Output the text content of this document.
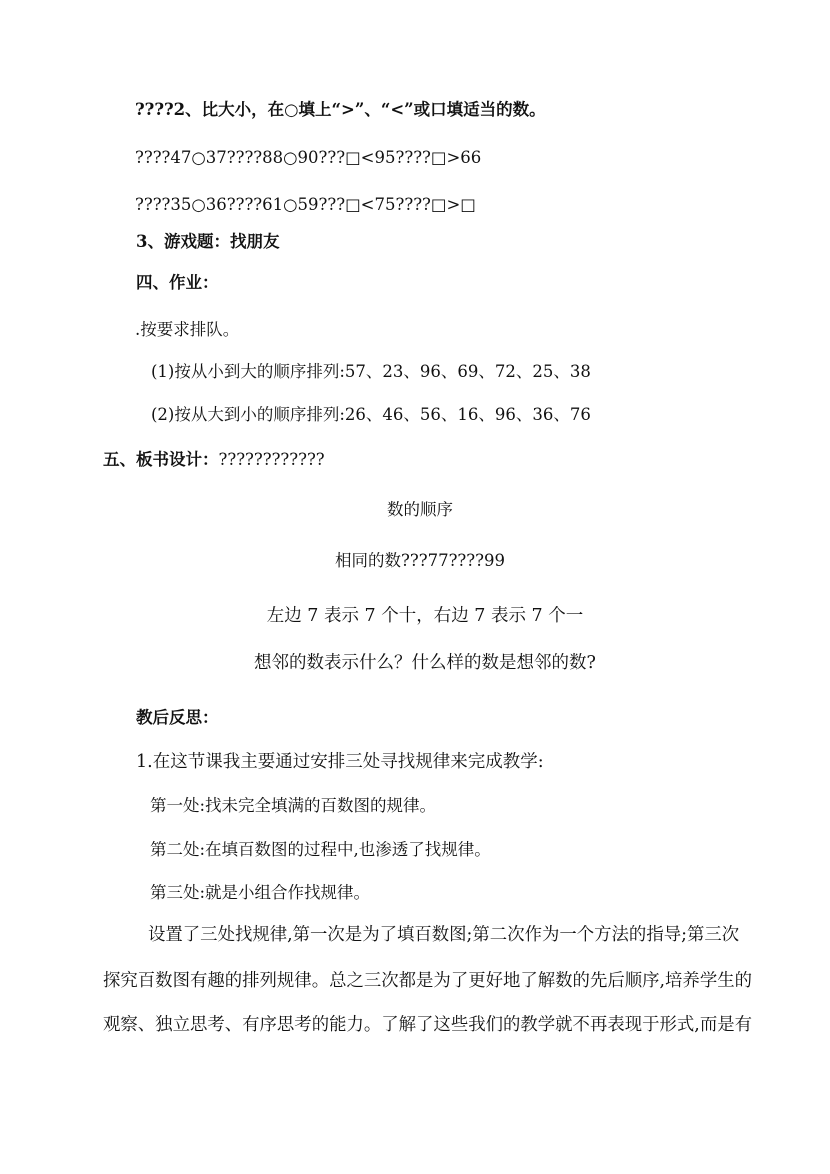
????2、比大小，在○填上“>”、“<”或口填适当的数。
????47○37????88○90???□<95????□>66
????35○36????61○59???□<75????□>□
3、游戏题：找朋友
四、作业：
.按要求排队。
(1)按从小到大的顺序排列:57、23、96、69、72、25、38
(2)按从大到小的顺序排列:26、46、56、16、96、36、76
五、板书设计：????????????
数的顺序
相同的数???77????99
左边 7 表示 7 个十，右边 7 表示 7 个一
想邻的数表示什么？什么样的数是想邻的数?
教后反思：
1.在这节课我主要通过安排三处寻找规律来完成教学:
第一处:找未完全填满的百数图的规律。
第二处:在填百数图的过程中,也渗透了找规律。
第三处:就是小组合作找规律。
设置了三处找规律,第一次是为了填百数图;第二次作为一个方法的指导;第三次
探究百数图有趣的排列规律。总之三次都是为了更好地了解数的先后顺序,培养学生的
观察、独立思考、有序思考的能力。了解了这些我们的教学就不再表现于形式,而是有
